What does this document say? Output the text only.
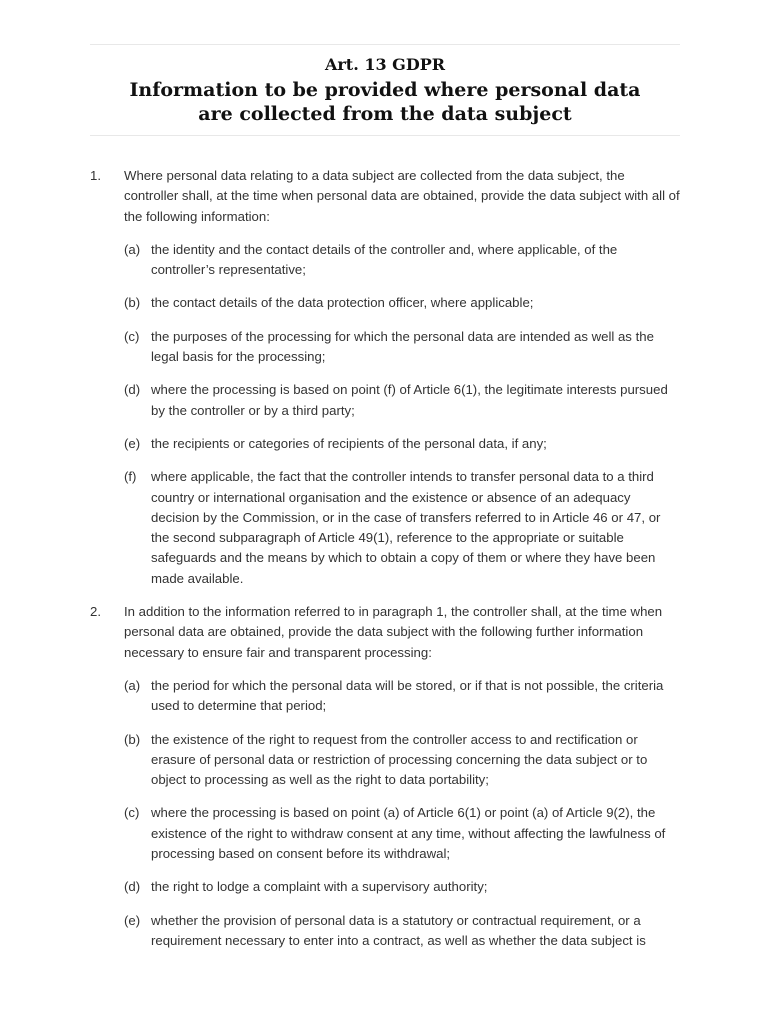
Art. 13 GDPR
Information to be provided where personal data are collected from the data subject
1.	Where personal data relating to a data subject are collected from the data subject, the controller shall, at the time when personal data are obtained, provide the data subject with all of the following information:
(a) the identity and the contact details of the controller and, where applicable, of the controller’s representative;
(b) the contact details of the data protection officer, where applicable;
(c) the purposes of the processing for which the personal data are intended as well as the legal basis for the processing;
(d) where the processing is based on point (f) of Article 6(1), the legitimate interests pursued by the controller or by a third party;
(e) the recipients or categories of recipients of the personal data, if any;
(f)	where applicable, the fact that the controller intends to transfer personal data to a third country or international organisation and the existence or absence of an adequacy decision by the Commission, or in the case of transfers referred to in Article 46 or 47, or the second subparagraph of Article 49(1), reference to the appropriate or suitable safeguards and the means by which to obtain a copy of them or where they have been made available.
2.	In addition to the information referred to in paragraph 1, the controller shall, at the time when personal data are obtained, provide the data subject with the following further information necessary to ensure fair and transparent processing:
(a) the period for which the personal data will be stored, or if that is not possible, the criteria used to determine that period;
(b) the existence of the right to request from the controller access to and rectification or erasure of personal data or restriction of processing concerning the data subject or to object to processing as well as the right to data portability;
(c) where the processing is based on point (a) of Article 6(1) or point (a) of Article 9(2), the existence of the right to withdraw consent at any time, without affecting the lawfulness of processing based on consent before its withdrawal;
(d) the right to lodge a complaint with a supervisory authority;
(e) whether the provision of personal data is a statutory or contractual requirement, or a requirement necessary to enter into a contract, as well as whether the data subject is
